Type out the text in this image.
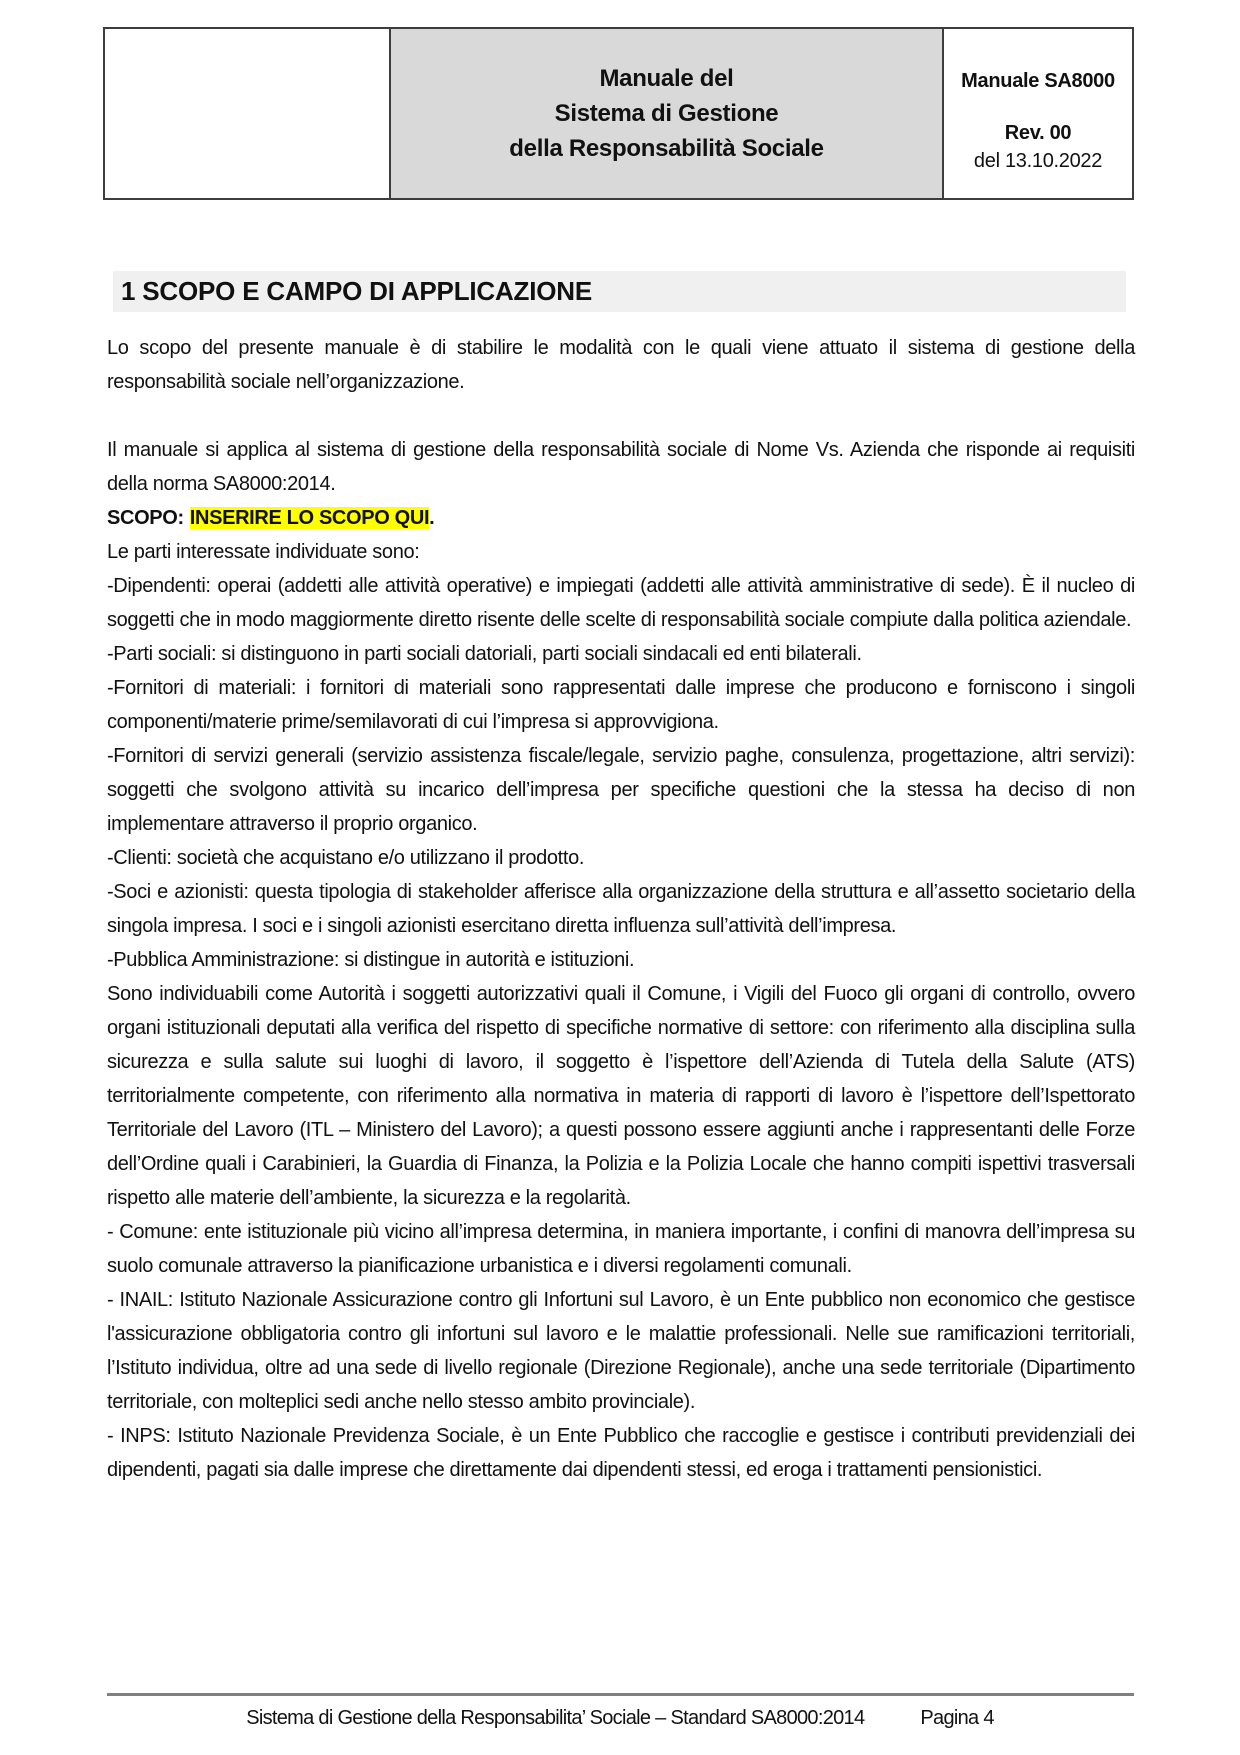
Manuale del
Sistema di Gestione
della Responsabilità Sociale
Manuale SA8000
Rev. 00
del 13.10.2022
1 SCOPO E CAMPO DI APPLICAZIONE

Lo scopo del presente manuale è di stabilire le modalità con le quali viene attuato il sistema di gestione della responsabilità sociale nell’organizzazione.

Il manuale si applica al sistema di gestione della responsabilità sociale di Nome Vs. Azienda che risponde ai requisiti della norma SA8000:2014.

SCOPO: INSERIRE LO SCOPO QUI.

Le parti interessate individuate sono:

-Dipendenti: operai (addetti alle attività operative) e impiegati (addetti alle attività amministrative di sede). È il nucleo di soggetti che in modo maggiormente diretto risente delle scelte di responsabilità sociale compiute dalla politica aziendale.

-Parti sociali: si distinguono in parti sociali datoriali, parti sociali sindacali ed enti bilaterali.

-Fornitori di materiali: i fornitori di materiali sono rappresentati dalle imprese che producono e forniscono i singoli componenti/materie prime/semilavorati di cui l’impresa si approvvigiona.

-Fornitori di servizi generali (servizio assistenza fiscale/legale, servizio paghe, consulenza, progettazione, altri servizi): soggetti che svolgono attività su incarico dell’impresa per specifiche questioni che la stessa ha deciso di non implementare attraverso il proprio organico.

-Clienti: società che acquistano e/o utilizzano il prodotto.

-Soci e azionisti: questa tipologia di stakeholder afferisce alla organizzazione della struttura e all’assetto societario della singola impresa. I soci e i singoli azionisti esercitano diretta influenza sull’attività dell’impresa.

-Pubblica Amministrazione: si distingue in autorità e istituzioni.

Sono individuabili come Autorità i soggetti autorizzativi quali il Comune, i Vigili del Fuoco gli organi di controllo, ovvero organi istituzionali deputati alla verifica del rispetto di specifiche normative di settore: con riferimento alla disciplina sulla sicurezza e sulla salute sui luoghi di lavoro, il soggetto è l’ispettore dell’Azienda di Tutela della Salute (ATS) territorialmente competente, con riferimento alla normativa in materia di rapporti di lavoro è l’ispettore dell’Ispettorato Territoriale del Lavoro (ITL – Ministero del Lavoro); a questi possono essere aggiunti anche i rappresentanti delle Forze dell’Ordine quali i Carabinieri, la Guardia di Finanza, la Polizia e la Polizia Locale che hanno compiti ispettivi trasversali rispetto alle materie dell’ambiente, la sicurezza e la regolarità.

- Comune: ente istituzionale più vicino all’impresa determina, in maniera importante, i confini di manovra dell’impresa su suolo comunale attraverso la pianificazione urbanistica e i diversi regolamenti comunali.

- INAIL: Istituto Nazionale Assicurazione contro gli Infortuni sul Lavoro, è un Ente pubblico non economico che gestisce l'assicurazione obbligatoria contro gli infortuni sul lavoro e le malattie professionali. Nelle sue ramificazioni territoriali, l’Istituto individua, oltre ad una sede di livello regionale (Direzione Regionale), anche una sede territoriale (Dipartimento territoriale, con molteplici sedi anche nello stesso ambito provinciale).

- INPS: Istituto Nazionale Previdenza Sociale, è un Ente Pubblico che raccoglie e gestisce i contributi previdenziali dei dipendenti, pagati sia dalle imprese che direttamente dai dipendenti stessi, ed eroga i trattamenti pensionistici.

Sistema di Gestione della Responsabilita’ Sociale – Standard SA8000:2014	Pagina 4
